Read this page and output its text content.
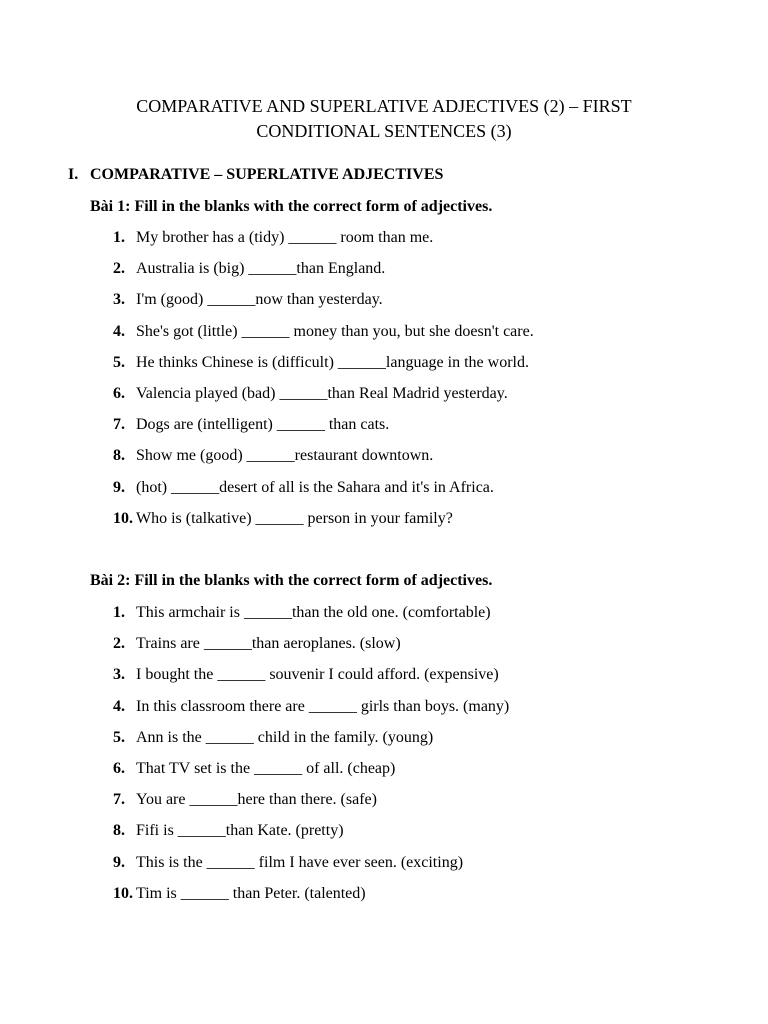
COMPARATIVE AND SUPERLATIVE ADJECTIVES (2) – FIRST
CONDITIONAL SENTENCES (3)
I. COMPARATIVE – SUPERLATIVE ADJECTIVES
Bài 1: Fill in the blanks with the correct form of adjectives.
1. My brother has a (tidy) ______ room than me.
2. Australia is (big) ______than England.
3. I'm (good) ______now than yesterday.
4. She's got (little) ______ money than you, but she doesn't care.
5. He thinks Chinese is (difficult) ______language in the world.
6. Valencia played (bad) ______than Real Madrid yesterday.
7. Dogs are (intelligent) ______ than cats.
8. Show me (good) ______restaurant downtown.
9. (hot) ______desert of all is the Sahara and it's in Africa.
10. Who is (talkative) ______ person in your family?
Bài 2: Fill in the blanks with the correct form of adjectives.
1. This armchair is ______than the old one. (comfortable)
2. Trains are ______than aeroplanes. (slow)
3. I bought the ______ souvenir I could afford. (expensive)
4. In this classroom there are ______ girls than boys. (many)
5. Ann is the ______ child in the family. (young)
6. That TV set is the ______ of all. (cheap)
7. You are ______here than there. (safe)
8. Fifi is ______than Kate. (pretty)
9. This is the ______ film I have ever seen. (exciting)
10. Tim is ______ than Peter. (talented)
